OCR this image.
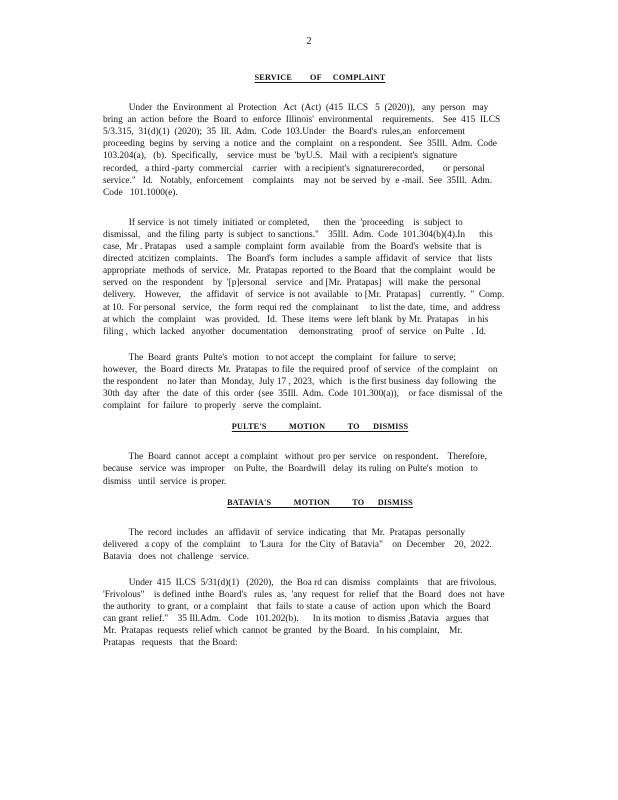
2

SERVICE        OF     COMPLAINT

Under  the  Environment  al  Protection   Act  (Act)  (415  ILCS   5  (2020)),   any  person   may
bring  an  action  before  the  Board  to  enforce  Illinois'  environmental    requirements.    See  415  ILCS
5/3.315,  31(d)(1)  (2020);  35  Ill.  Adm.  Code  103.Under   the  Board's  rules,an   enforcement
proceeding  begins  by  serving  a  notice  and  the  complaint   on a respondent.   See  35Ill.  Adm.  Code
103.204(a),   (b).  Specifically,    service  must  be  'byU.S.   Mail  with  a recipient's  signature
recorded,   a third -party  commercial    carrier   with  a recipient's  signaturerecorded,        or personal
service."   Id.   Notably,  enforcement    complaints    may  not  be served  by  e -mail.  See  35Ill.  Adm.
Code   101.1000(e).
If service  is not  timely  initiated  or completed,      then  the  'proceeding    is  subject  to
dismissal,   and  the filing  party  is subject  to sanctions."    35Ill.  Adm.  Code  101.304(b)(4).In      this
case,  Mr . Pratapas    used  a sample  complaint  form  available   from  the  Board's  website  that  is
directed  atcitizen  complaints.    The  Board's  form  includes  a sample  affidavit  of  service   that  lists
appropriate   methods  of  service.   Mr.  Pratapas  reported  to  the Board  that  the complaint   would  be
served  on  the  respondent    by  '[p]ersonal    service   and [Mr.  Pratapas]   will  make  the  personal
delivery.    However,    the  affidavit   of  service  is not  available   to [Mr.  Pratapas]    currently.  "  Comp.
at 10.  For personal   service,   the  form  requi red  the  complainant     to list the date,  time,  and  address
at which   the  complaint    was  provided.   Id.  These  items  were  left blank  by Mr.  Pratapas    in his
filing ,  which  lacked   anyother   documentation     demonstrating    proof  of  service   on Pulte   . Id.
The  Board  grants  Pulte's  motion   to not accept   the complaint   for failure   to serve;
however,   the  Board  directs  Mr.  Pratapas  to file  the required  proof  of service   of the complaint    on
the respondent    no later  than  Monday,  July 17 , 2023,  which   is the first business  day following   the
30th  day  after   the  date  of  this  order  (see  35Ill.  Adm.  Code  101.300(a)),    or face  dismissal  of  the
complaint   for  failure   to properly   serve  the complaint.

PULTE'S          MOTION          TO      DISMISS

The  Board  cannot  accept  a complaint   without  pro per  service   on respondent.    Therefore,
because   service  was  improper    on Pulte,  the  Boardwill   delay  its ruling  on Pulte's  motion   to
dismiss   until  service  is proper.

BATAVIA'S          MOTION          TO      DISMISS

The  record  includes   an  affidavit  of  service  indicating   that  Mr.  Pratapas  personally
delivered   a copy  of  the  complaint    to 'Laura   for  the City  of Batavia"    on  December    20,  2022.
Batavia   does  not  challenge   service.
Under  415  ILCS  5/31(d)(1)   (2020),   the  Boa rd can  dismiss   complaints    that  are frivolous.
'Frivolous"    is defined  inthe  Board's   rules  as,  'any  request  for  relief  that  the  Board   does  not  have
the authority   to grant,  or a complaint    that  fails  to state  a cause  of  action  upon  which  the  Board
can grant  relief."    35 Ill.Adm.   Code   101.202(b).      In its motion   to dismiss ,Batavia   argues  that
Mr.  Pratapas  requests  relief which  cannot  be granted   by the Board.   In his complaint,    Mr.
Pratapas   requests   that  the Board:
